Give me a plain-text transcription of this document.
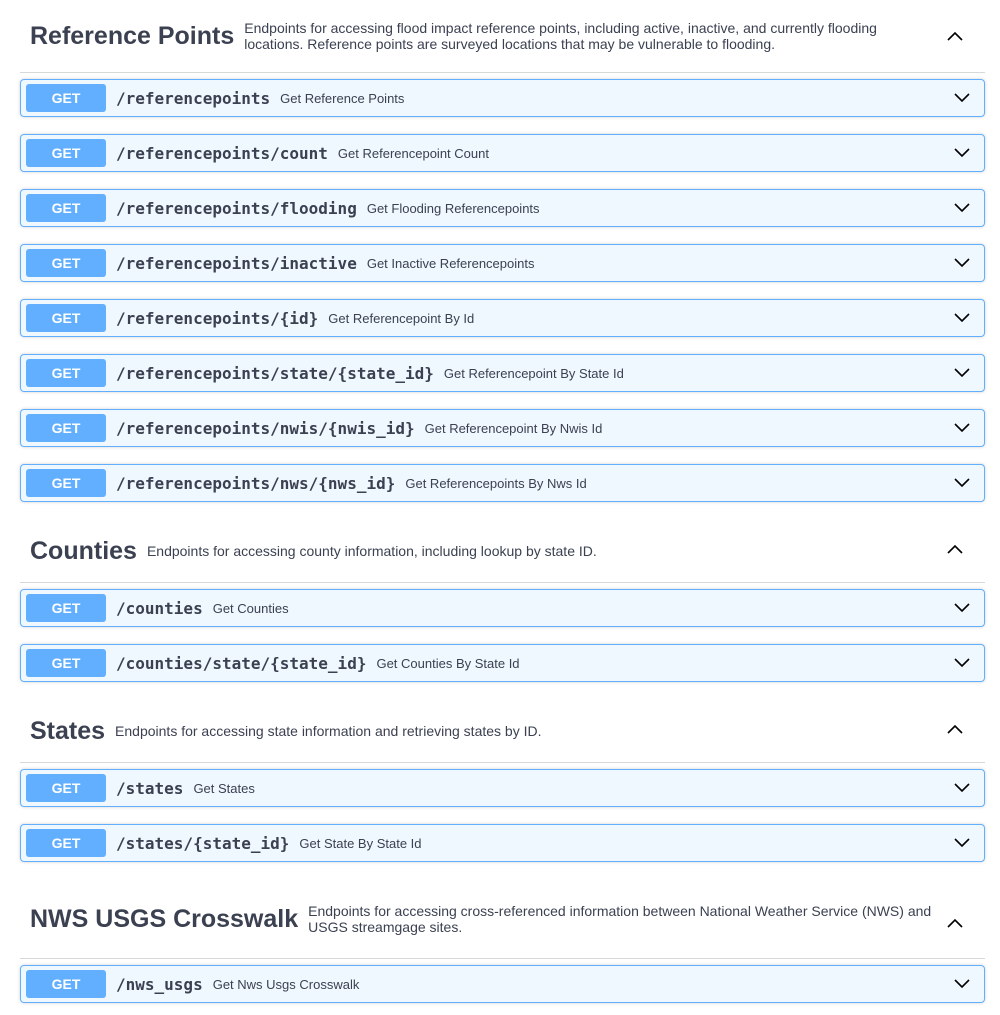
Reference Points Endpoints for accessing flood impact reference points, including active, inactive, and currently flooding locations. Reference points are surveyed locations that may be vulnerable to flooding.
GET	/referencepoints Get Reference Points
GET	/referencepoints/count Get Referencepoint Count
GET	/referencepoints/flooding Get Flooding Referencepoints
GET	/referencepoints/inactive Get Inactive Referencepoints
GET	/referencepoints/{id} Get Referencepoint By Id
GET	/referencepoints/state/{state_id} Get Referencepoint By State Id
GET	/referencepoints/nwis/{nwis_id} Get Referencepoint By Nwis Id
GET	/referencepoints/nws/{nws_id} Get Referencepoints By Nws Id
Counties Endpoints for accessing county information, including lookup by state ID.
GET	/counties Get Counties
GET	/counties/state/{state_id} Get Counties By State Id
States Endpoints for accessing state information and retrieving states by ID.
GET	/states Get States
GET	/states/{state_id} Get State By State Id
NWS USGS Crosswalk Endpoints for accessing cross-referenced information between National Weather Service (NWS) and USGS streamgage sites.
GET	/nws_usgs Get Nws Usgs Crosswalk
